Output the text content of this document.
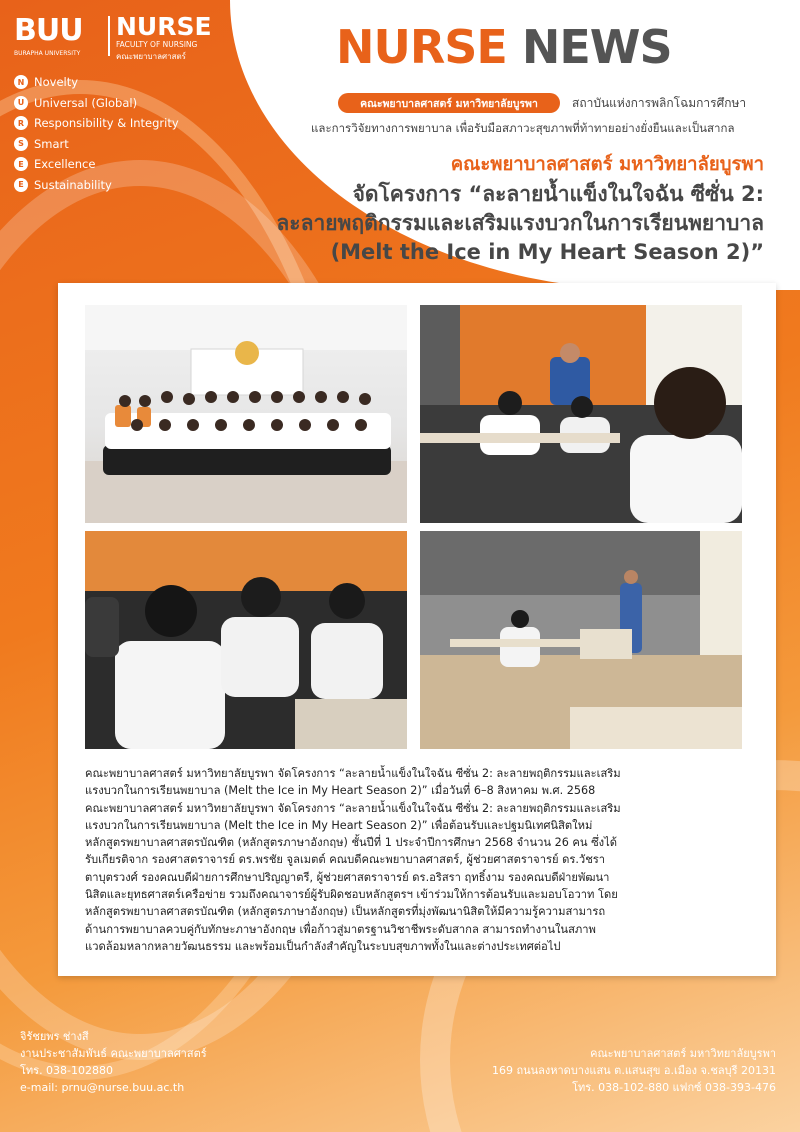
BUU
BURAPHA UNIVERSITY
NURSE
FACULTY OF NURSING
คณะพยาบาลศาสตร์
N Novelty
U Universal (Global)
R Responsibility & Integrity
S Smart
E Excellence
E Sustainability
NURSE NEWS
คณะพยาบาลศาสตร์ มหาวิทยาลัยบูรพา	สถาบันแห่งการพลิกโฉมการศึกษา
และการวิจัยทางการพยาบาล เพื่อรับมือสภาวะสุขภาพที่ท้าทายอย่างยั่งยืนและเป็นสากล
คณะพยาบาลศาสตร์ มหาวิทยาลัยบูรพา
จัดโครงการ “ละลายน้ำแข็งในใจฉัน ซีซั่น 2:
ละลายพฤติกรรมและเสริมแรงบวกในการเรียนพยาบาล
(Melt the Ice in My Heart Season 2)”

คณะพยาบาลศาสตร์ มหาวิทยาลัยบูรพา จัดโครงการ “ละลายน้ำแข็งในใจฉัน ซีซั่น 2: ละลายพฤติกรรมและเสริม

แรงบวกในการเรียนพยาบาล (Melt the Ice in My Heart Season 2)” เมื่อวันที่ 6–8 สิงหาคม พ.ศ. 2568

คณะพยาบาลศาสตร์ มหาวิทยาลัยบูรพา จัดโครงการ “ละลายน้ำแข็งในใจฉัน ซีซั่น 2: ละลายพฤติกรรมและเสริม

แรงบวกในการเรียนพยาบาล (Melt the Ice in My Heart Season 2)” เพื่อต้อนรับและปฐมนิเทศนิสิตใหม่

หลักสูตรพยาบาลศาสตรบัณฑิต (หลักสูตรภาษาอังกฤษ) ชั้นปีที่ 1 ประจำปีการศึกษา 2568 จำนวน 26 คน ซึ่งได้

รับเกียรติจาก รองศาสตราจารย์ ดร.พรชัย จูลเมตต์ คณบดีคณะพยาบาลศาสตร์, ผู้ช่วยศาสตราจารย์ ดร.วัชรา

ตาบุตรวงศ์ รองคณบดีฝ่ายการศึกษาปริญญาตรี, ผู้ช่วยศาสตราจารย์ ดร.อริสรา ฤทธิ์งาม รองคณบดีฝ่ายพัฒนา

นิสิตและยุทธศาสตร์เครือข่าย รวมถึงคณาจารย์ผู้รับผิดชอบหลักสูตรฯ เข้าร่วมให้การต้อนรับและมอบโอวาท โดย

หลักสูตรพยาบาลศาสตรบัณฑิต (หลักสูตรภาษาอังกฤษ) เป็นหลักสูตรที่มุ่งพัฒนานิสิตให้มีความรู้ความสามารถ

ด้านการพยาบาลควบคู่กับทักษะภาษาอังกฤษ เพื่อก้าวสู่มาตรฐานวิชาชีพระดับสากล สามารถทำงานในสภาพ

แวดล้อมหลากหลายวัฒนธรรม และพร้อมเป็นกำลังสำคัญในระบบสุขภาพทั้งในและต่างประเทศต่อไป

จิรัชยพร ช่างสี
งานประชาสัมพันธ์ คณะพยาบาลศาสตร์
โทร. 038-102880
e-mail: prnu@nurse.buu.ac.th
คณะพยาบาลศาสตร์ มหาวิทยาลัยบูรพา
169 ถนนลงหาดบางแสน ต.แสนสุข อ.เมือง จ.ชลบุรี 20131
โทร. 038-102-880 แฟกซ์ 038-393-476
